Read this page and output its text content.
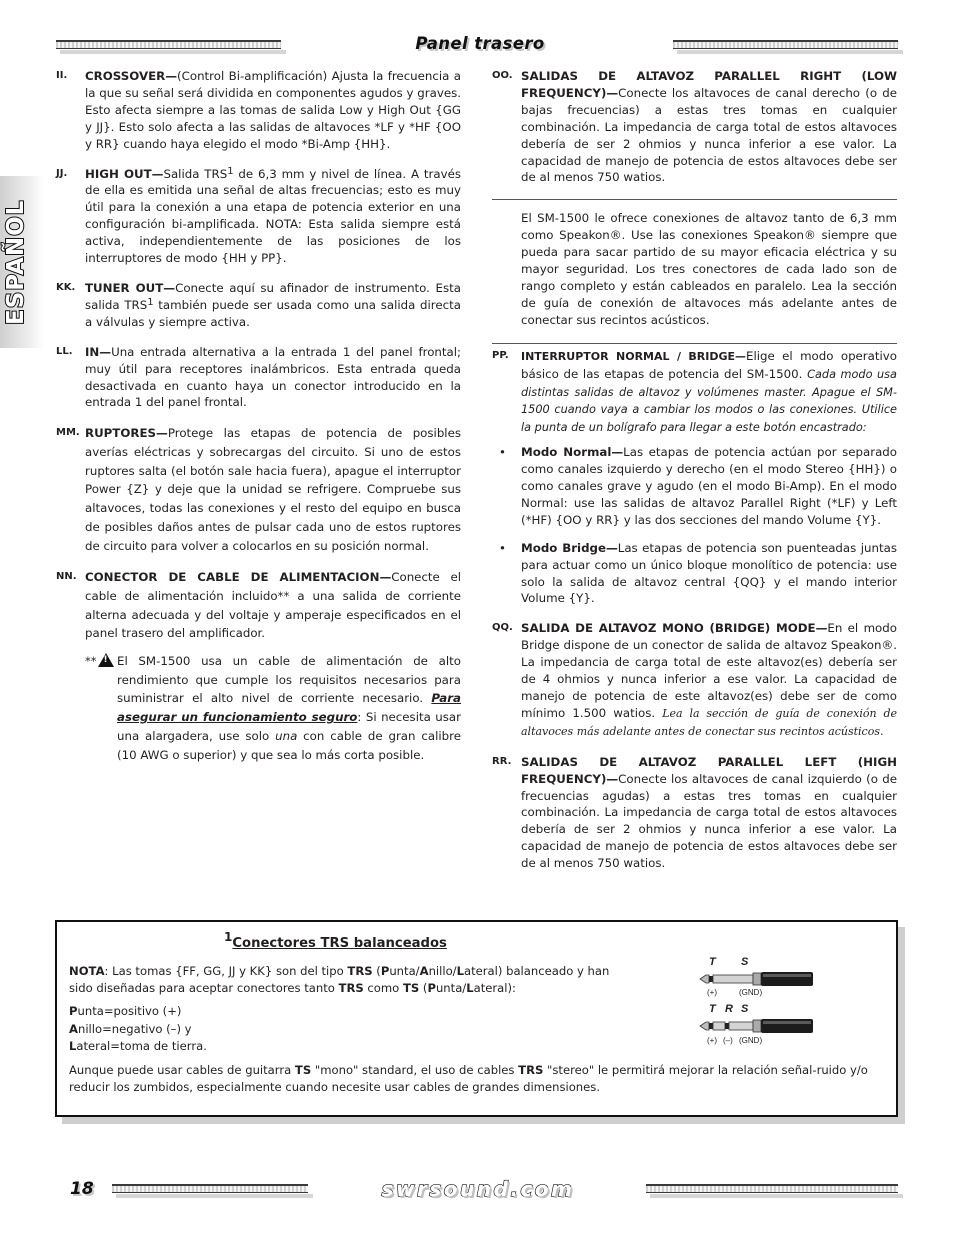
Panel trasero
ESPAÑOL
II. CROSSOVER—(Control Bi-amplificación) Ajusta la frecuencia a la que su señal será dividida en componentes agudos y graves. Esto afecta siempre a las tomas de salida Low y High Out {GG y JJ}. Esto solo afecta a las salidas de altavoces *LF y *HF {OO y RR} cuando haya elegido el modo *Bi-Amp {HH}.
JJ. HIGH OUT—Salida TRS$^1$ de 6,3 mm y nivel de línea. A través de ella es emitida una señal de altas frecuencias; esto es muy útil para la conexión a una etapa de potencia exterior en una configuración bi-amplificada. NOTA: Esta salida siempre está activa, independientemente de las posiciones de los interruptores de modo {HH y PP}.
KK. TUNER OUT—Conecte aquí su afinador de instrumento. Esta salida TRS$^1$ también puede ser usada como una salida directa a válvulas y siempre activa.
LL. IN—Una entrada alternativa a la entrada 1 del panel frontal; muy útil para receptores inalámbricos. Esta entrada queda desactivada en cuanto haya un conector introducido en la entrada 1 del panel frontal.
MM. RUPTORES—Protege las etapas de potencia de posibles averías eléctricas y sobrecargas del circuito. Si uno de estos ruptores salta (el botón sale hacia fuera), apague el interruptor Power {Z} y deje que la unidad se refrigere. Compruebe sus altavoces, todas las conexiones y el resto del equipo en busca de posibles daños antes de pulsar cada uno de estos ruptores de circuito para volver a colocarlos en su posición normal.
NN. CONECTOR DE CABLE DE ALIMENTACION—Conecte el cable de alimentación incluido** a una salida de corriente alterna adecuada y del voltaje y amperaje especificados en el panel trasero del amplificador.
**!	El SM-1500 usa un cable de alimentación de alto rendimiento que cumple los requisitos necesarios para suministrar el alto nivel de corriente necesario. Para asegurar un funcionamiento seguro: Si necesita usar una alargadera, use solo una con cable de gran calibre (10 AWG o superior) y que sea lo más corta posible.
OO. SALIDAS DE ALTAVOZ PARALLEL RIGHT (LOW FREQUENCY)—Conecte los altavoces de canal derecho (o de bajas frecuencias) a estas tres tomas en cualquier combinación. La impedancia de carga total de estos altavoces debería de ser 2 ohmios y nunca inferior a ese valor. La capacidad de manejo de potencia de estos altavoces debe ser de al menos 750 watios.
El SM-1500 le ofrece conexiones de altavoz tanto de 6,3 mm como Speakon®. Use las conexiones Speakon® siempre que pueda para sacar partido de su mayor eficacia eléctrica y su mayor seguridad. Los tres conectores de cada lado son de rango completo y están cableados en paralelo. Lea la sección de guía de conexión de altavoces más adelante antes de conectar sus recintos acústicos.
PP. INTERRUPTOR NORMAL / BRIDGE—Elige el modo operativo básico de las etapas de potencia del SM-1500. Cada modo usa distintas salidas de altavoz y volúmenes master. Apague el SM-1500 cuando vaya a cambiar los modos o las conexiones. Utilice la punta de un bolígrafo para llegar a este botón encastrado:
• Modo Normal—Las etapas de potencia actúan por separado como canales izquierdo y derecho (en el modo Stereo {HH}) o como canales grave y agudo (en el modo Bi-Amp). En el modo Normal: use las salidas de altavoz Parallel Right (*LF) y Left (*HF) {OO y RR} y las dos secciones del mando Volume {Y}.
• Modo Bridge—Las etapas de potencia son puenteadas juntas para actuar como un único bloque monolítico de potencia: use solo la salida de altavoz central {QQ} y el mando interior Volume {Y}.
QQ. SALIDA DE ALTAVOZ MONO (BRIDGE) MODE—En el modo Bridge dispone de un conector de salida de altavoz Speakon®. La impedancia de carga total de este altavoz(es) debería ser de 4 ohmios y nunca inferior a ese valor. La capacidad de manejo de potencia de este altavoz(es) debe ser de como mínimo 1.500 watios. Lea la sección de guía de conexión de altavoces más adelante antes de conectar sus recintos acústicos.
RR. SALIDAS DE ALTAVOZ PARALLEL LEFT (HIGH FREQUENCY)—Conecte los altavoces de canal izquierdo (o de frecuencias agudas) a estas tres tomas en cualquier combinación. La impedancia de carga total de estos altavoces debería de ser 2 ohmios y nunca inferior a ese valor. La capacidad de manejo de potencia de estos altavoces debe ser de al menos 750 watios.
$^1$Conectores TRS balanceados
NOTA: Las tomas {FF, GG, JJ y KK} son del tipo TRS (Punta/Anillo/Lateral) balanceado y han sido diseñadas para aceptar conectores tanto TRS como TS (Punta/Lateral):
Punta=positivo (+)
Anillo=negativo (–) y
Lateral=toma de tierra.
Aunque puede usar cables de guitarra TS "mono" standard, el uso de cables TRS "stereo" le permitirá mejorar la relación señal-ruido y/o reducir los zumbidos, especialmente cuando necesite usar cables de grandes dimensiones.
T S
(+)	(GND)
T R S
(+) (–) (GND)
18	swrsound.com
